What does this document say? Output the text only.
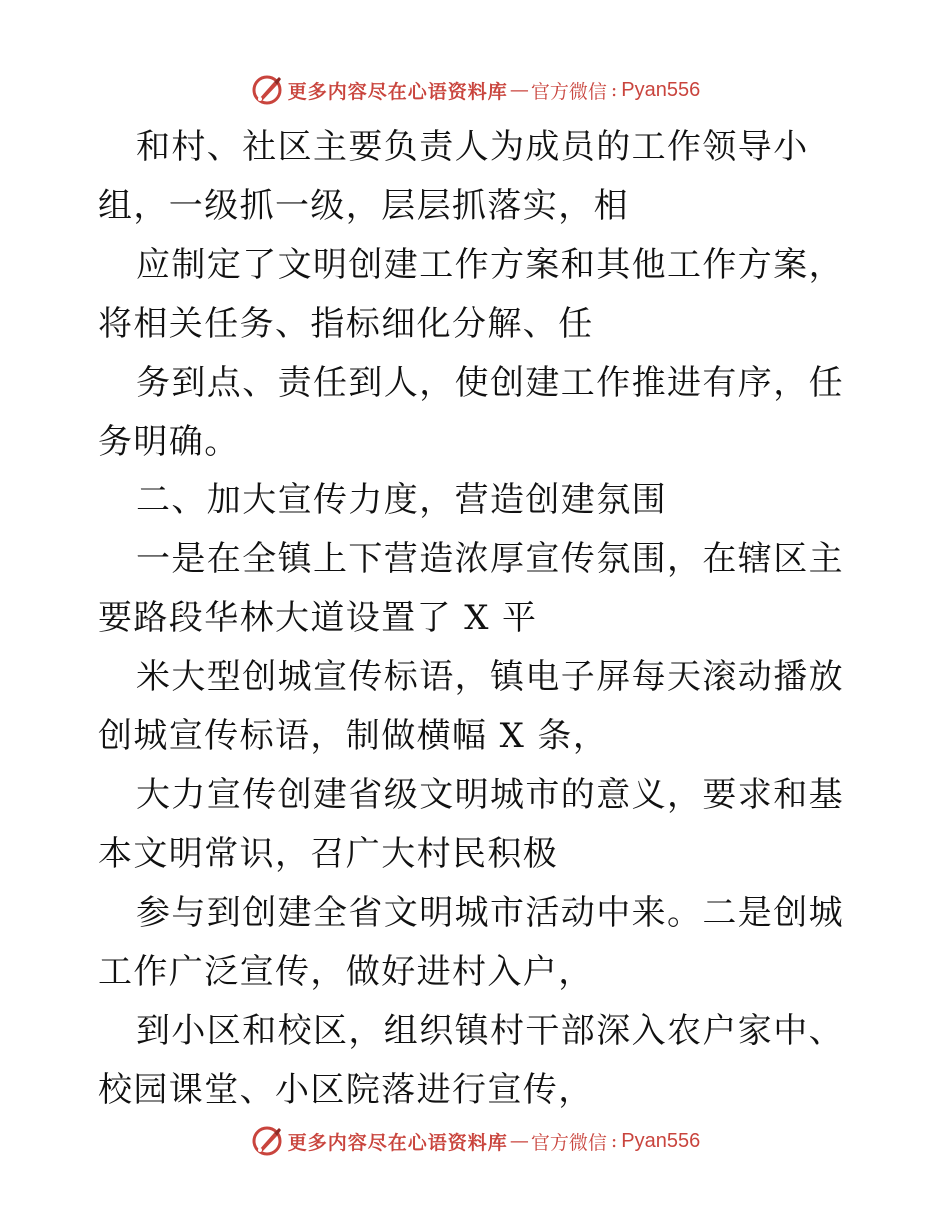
更多内容尽在心语资料库 — 官方微信 : Pyan556

和村、社区主要负责人为成员的工作领导小组，一级抓一级，层层抓落实，相

应制定了文明创建工作方案和其他工作方案，将相关任务、指标细化分解、任

务到点、责任到人，使创建工作推进有序，任务明确。

二、加大宣传力度，营造创建氛围

一是在全镇上下营造浓厚宣传氛围，在辖区主要路段华林大道设置了 X 平

米大型创城宣传标语，镇电子屏每天滚动播放创城宣传标语，制做横幅 X 条，

大力宣传创建省级文明城市的意义，要求和基本文明常识，召广大村民积极

参与到创建全省文明城市活动中来。二是创城工作广泛宣传，做好进村入户，

到小区和校区，组织镇村干部深入农户家中、校园课堂、小区院落进行宣传，

更多内容尽在心语资料库 — 官方微信 : Pyan556
